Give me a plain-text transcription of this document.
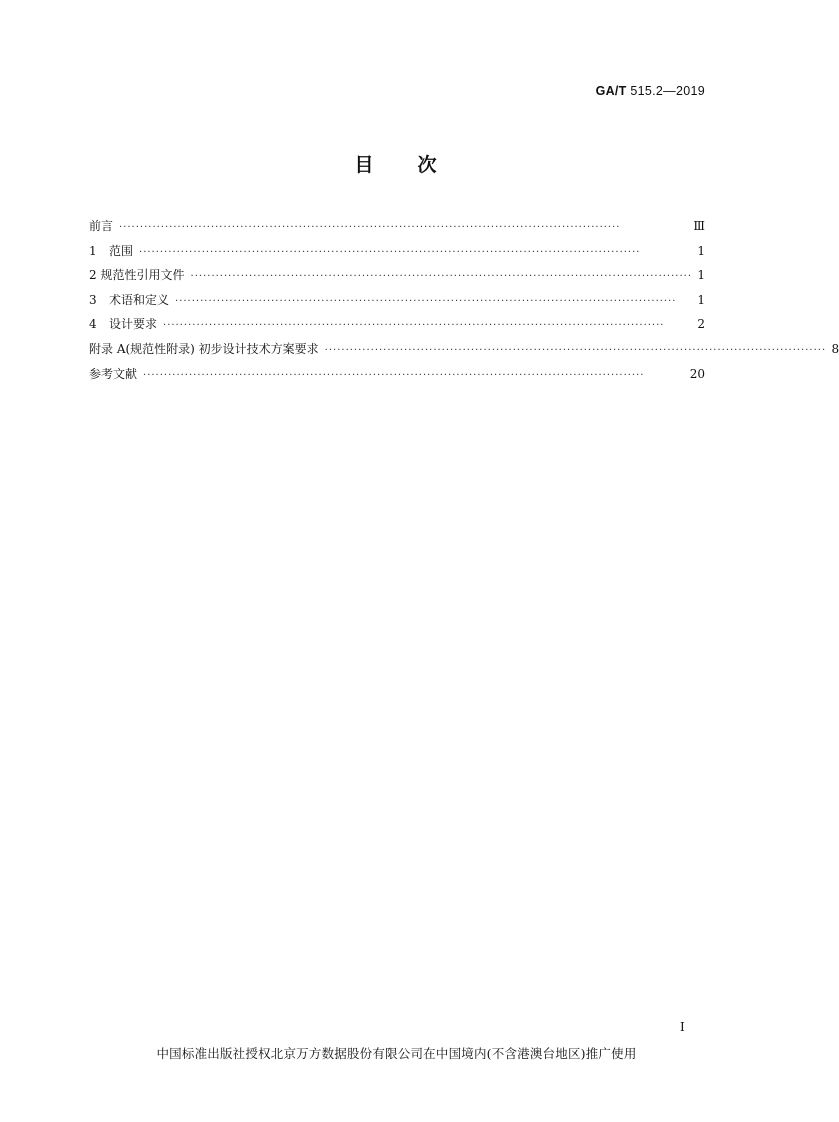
GA/T 515.2—2019
目 次
前言 ························································································································	Ⅲ
1	范围 ························································································································	1
2 规范性引用文件 ························································································································ 1
3	术语和定义 ························································································································	1
4	设计要求 ························································································································	2
附录 A(规范性附录) 初步设计技术方案要求 ························································································································ 8
参考文献 ························································································································	20
I
中国标准出版社授权北京万方数据股份有限公司在中国境内(不含港澳台地区)推广使用
